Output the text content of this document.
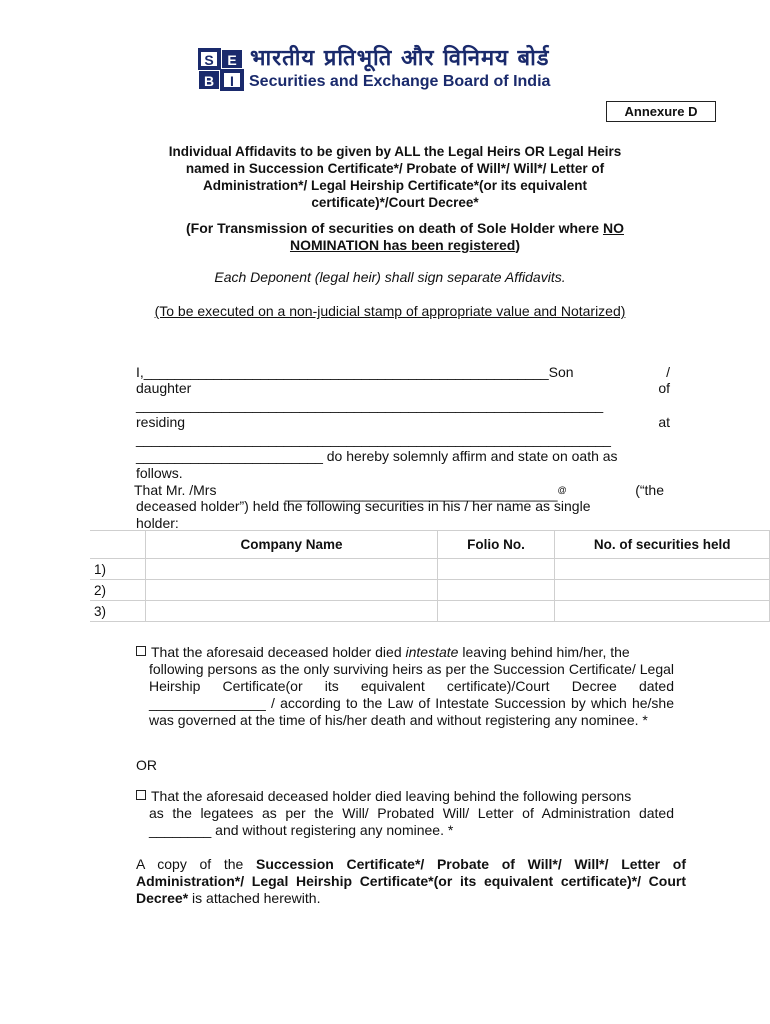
S E
B I
भारतीय प्रतिभूति और विनिमय बोर्ड
Securities and Exchange Board of India
Annexure D
Individual Affidavits to be given by ALL the Legal Heirs OR Legal Heirs
named in Succession Certificate*/ Probate of Will*/ Will*/ Letter of
Administration*/ Legal Heirship Certificate*(or its equivalent
certificate)*/Court Decree*
(For Transmission of securities on death of Sole Holder where NO
NOMINATION has been registered)
Each Deponent (legal heir) shall sign separate Affidavits.
(To be executed on a non-judicial stamp of appropriate value and Notarized)
I,____________________________________________________Son	/
daughter	of
____________________________________________________________
residing	at
_____________________________________________________________
________________________ do hereby solemnly affirm and state on oath as
follows.
That Mr. /Mrs	___________________________________@	(“the
deceased holder”) held the following securities in his / her name as single
holder:
	Company Name	Folio No.	No. of securities held
1)			
2)			
3)			
That the aforesaid deceased holder died intestate leaving behind him/her, the
following persons as the only surviving heirs as per the Succession Certificate/ Legal Heirship Certificate(or its equivalent certificate)/Court Decree dated _______________ / according to the Law of Intestate Succession by which he/she was governed at the time of his/her death and without registering any nominee. *
OR
That the aforesaid deceased holder died leaving behind the following persons
as the legatees as per the Will/ Probated Will/ Letter of Administration dated ________ and without registering any nominee. *
A copy of the Succession Certificate*/ Probate of Will*/ Will*/ Letter of Administration*/ Legal Heirship Certificate*(or its equivalent certificate)*/ Court Decree* is attached herewith.
